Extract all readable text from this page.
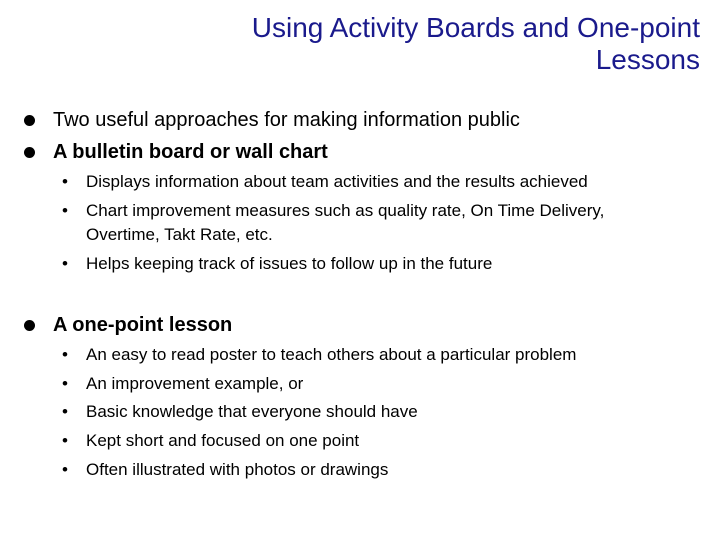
Using Activity Boards and One-point
Lessons
Two useful approaches for making information public
A bulletin board or wall chart
• Displays information about team activities and the results achieved
• Chart improvement measures such as quality rate, On Time Delivery, Overtime, Takt Rate, etc.
• Helps keeping track of issues to follow up in the future
A one-point lesson
• An easy to read poster to teach others about a particular problem
• An improvement example, or
• Basic knowledge that everyone should have
• Kept short and focused on one point
• Often illustrated with photos or drawings
